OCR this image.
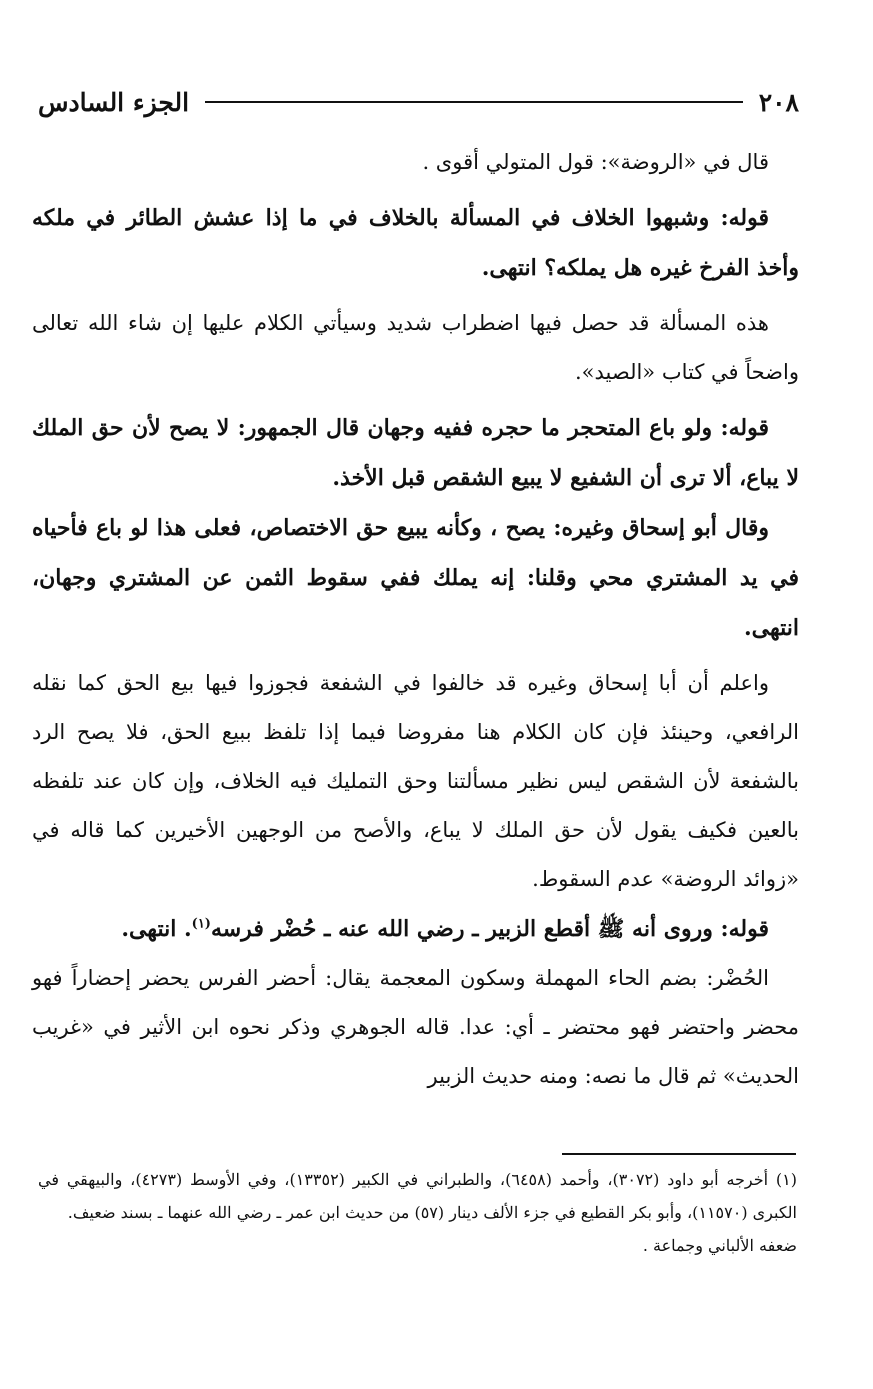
٢٠٨
الجزء السادس

قال في «الروضة»: قول المتولي أقوى .

قوله: وشبهوا الخلاف في المسألة بالخلاف في ما إذا عشش الطائر في ملكه وأخذ الفرخ غيره هل يملكه؟ انتهى.

هذه المسألة قد حصل فيها اضطراب شديد وسيأتي الكلام عليها إن شاء الله تعالى واضحاً في كتاب «الصيد».

قوله: ولو باع المتحجر ما حجره ففيه وجهان قال الجمهور: لا يصح لأن حق الملك لا يباع، ألا ترى أن الشفيع لا يبيع الشقص قبل الأخذ.

وقال أبو إسحاق وغيره: يصح ، وكأنه يبيع حق الاختصاص، فعلى هذا لو باع فأحياه في يد المشتري محي وقلنا: إنه يملك ففي سقوط الثمن عن المشتري وجهان، انتهى.

واعلم أن أبا إسحاق وغيره قد خالفوا في الشفعة فجوزوا فيها بيع الحق كما نقله الرافعي، وحينئذ فإن كان الكلام هنا مفروضا فيما إذا تلفظ ببيع الحق، فلا يصح الرد بالشفعة لأن الشقص ليس نظير مسألتنا وحق التمليك فيه الخلاف، وإن كان عند تلفظه بالعين فكيف يقول لأن حق الملك لا يباع، والأصح من الوجهين الأخيرين كما قاله في «زوائد الروضة» عدم السقوط.

قوله: وروى أنه ﷺ أقطع الزبير ـ رضي الله عنه ـ حُضْر فرسه$^{(١)}$. انتهى.

الحُضْر: بضم الحاء المهملة وسكون المعجمة يقال: أحضر الفرس يحضر إحضاراً فهو محضر واحتضر فهو محتضر ـ أي: عدا. قاله الجوهري وذكر نحوه ابن الأثير في «غريب الحديث» ثم قال ما نصه: ومنه حديث الزبير

(١) أخرجه أبو داود (٣٠٧٢)، وأحمد (٦٤٥٨)، والطبراني في الكبير (١٣٣٥٢)، وفي الأوسط (٤٢٧٣)، والبيهقي في الكبرى (١١٥٧٠)، وأبو بكر القطيع في جزء الألف دينار (٥٧) من حديث ابن عمر ـ رضي الله عنهما ـ بسند ضعيف.

ضعفه الألباني وجماعة .
